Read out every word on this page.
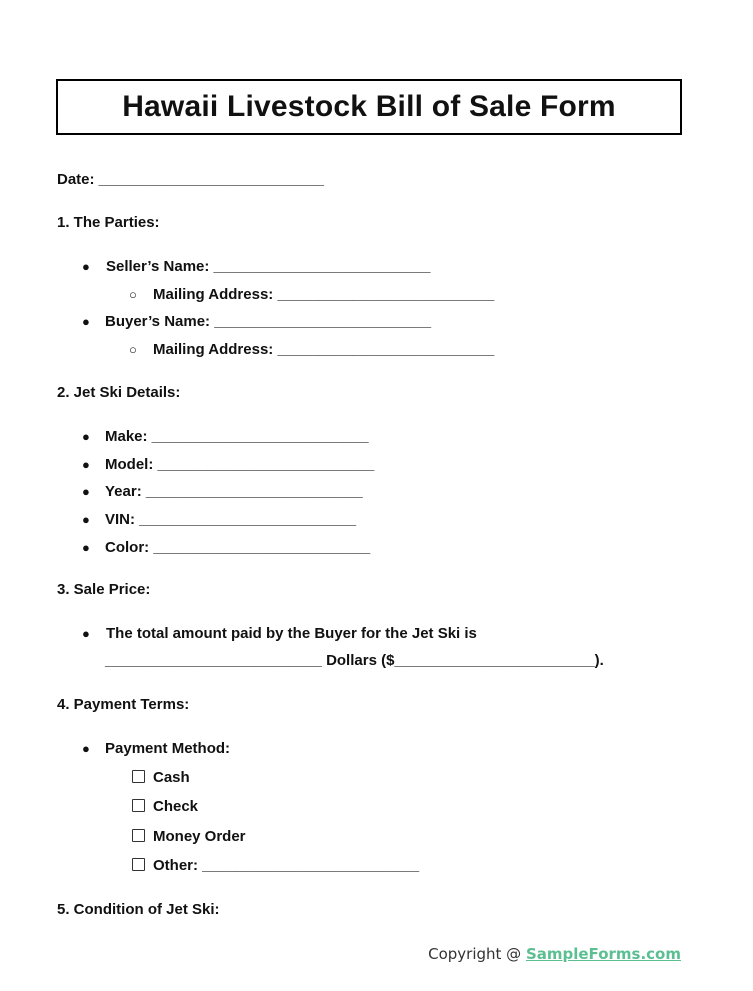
Hawaii Livestock Bill of Sale Form
Date: ___________________________
1. The Parties:
● Seller’s Name: __________________________
○ Mailing Address: __________________________
● Buyer’s Name: __________________________
○ Mailing Address: __________________________
2. Jet Ski Details:
● Make: __________________________
● Model: __________________________
● Year: __________________________
● VIN: __________________________
● Color: __________________________
3. Sale Price:
● The total amount paid by the Buyer for the Jet Ski is
__________________________ Dollars ($________________________).
4. Payment Terms:
● Payment Method:
Cash
Check
Money Order
Other: __________________________
5. Condition of Jet Ski:
Copyright @ SampleForms.com
